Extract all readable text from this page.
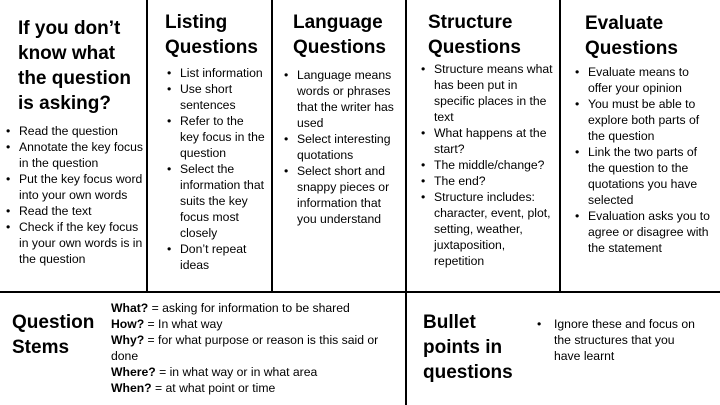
If you don’t know what the question is asking?
• Read the question
• Annotate the key focus in the question
• Put the key focus word into your own words
• Read the text
• Check if the key focus in your own words is in the question
Listing Questions
• List information
• Use short sentences
• Refer to the key focus in the question
• Select the information that suits the key focus most closely
• Don’t repeat ideas
Language Questions
• Language means words or phrases that the writer has used
• Select interesting quotations
• Select short and snappy pieces or information that you understand
Structure Questions
• Structure means what has been put in specific places in the text
• What happens at the start?
• The middle/change?
• The end?
• Structure includes: character, event, plot, setting, weather, juxtaposition, repetition
Evaluate Questions
• Evaluate means to offer your opinion
• You must be able to explore both parts of the question
• Link the two parts of the question to the quotations you have selected
• Evaluation asks you to agree or disagree with the statement
Question Stems
What? = asking for information to be shared
How? = In what way
Why? = for what purpose or reason is this said or done
Where? = in what way or in what area
When? = at what point or time
Bullet points in questions
• Ignore these and focus on the structures that you have learnt
